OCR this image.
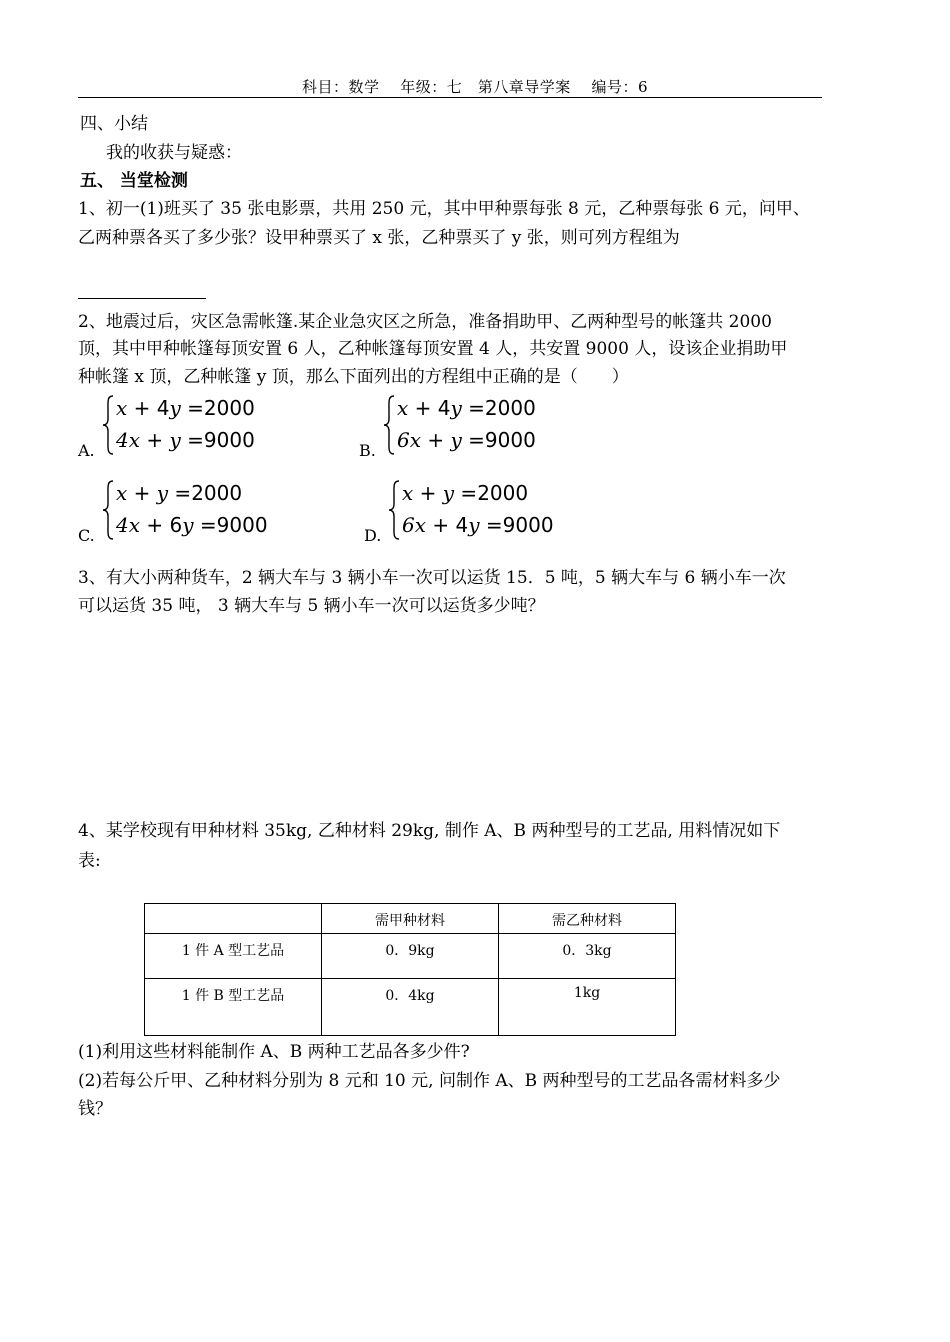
科目：数学　 年级：七　第八章导学案　 编号：6
四、小结
我的收获与疑惑：
五、 当堂检测
1、初一(1)班买了 35 张电影票，共用 250 元，其中甲种票每张 8 元，乙种票每张 6 元，问甲、
乙两种票各买了多少张？设甲种票买了 x 张，乙种票买了 y 张，则可列方程组为
2、地震过后，灾区急需帐篷.某企业急灾区之所急，准备捐助甲、乙两种型号的帐篷共 2000
顶，其中甲种帐篷每顶安置 6 人，乙种帐篷每顶安置 4 人，共安置 9000 人，设该企业捐助甲
种帐篷 x 顶，乙种帐篷 y 顶，那么下面列出的方程组中正确的是（　　）
A.
x + 4y =2000
4x + y =9000	B.
x + 4y =2000
6x + y =9000
C.
x + y =2000
4x + 6y =9000	D.
x + y =2000
6x + 4y =9000
3、有大小两种货车，2 辆大车与 3 辆小车一次可以运货 15．5 吨，5 辆大车与 6 辆小车一次
可以运货 35 吨， 3 辆大车与 5 辆小车一次可以运货多少吨？
4、某学校现有甲种材料 35kg, 乙种材料 29kg, 制作 A、B 两种型号的工艺品, 用料情况如下
表:
	需甲种材料	需乙种材料
1 件 A 型工艺品	0．9kg	0．3kg
1 件 B 型工艺品	0．4kg	1kg
(1)利用这些材料能制作 A、B 两种工艺品各多少件?
(2)若每公斤甲、乙种材料分别为 8 元和 10 元, 问制作 A、B 两种型号的工艺品各需材料多少
钱？
